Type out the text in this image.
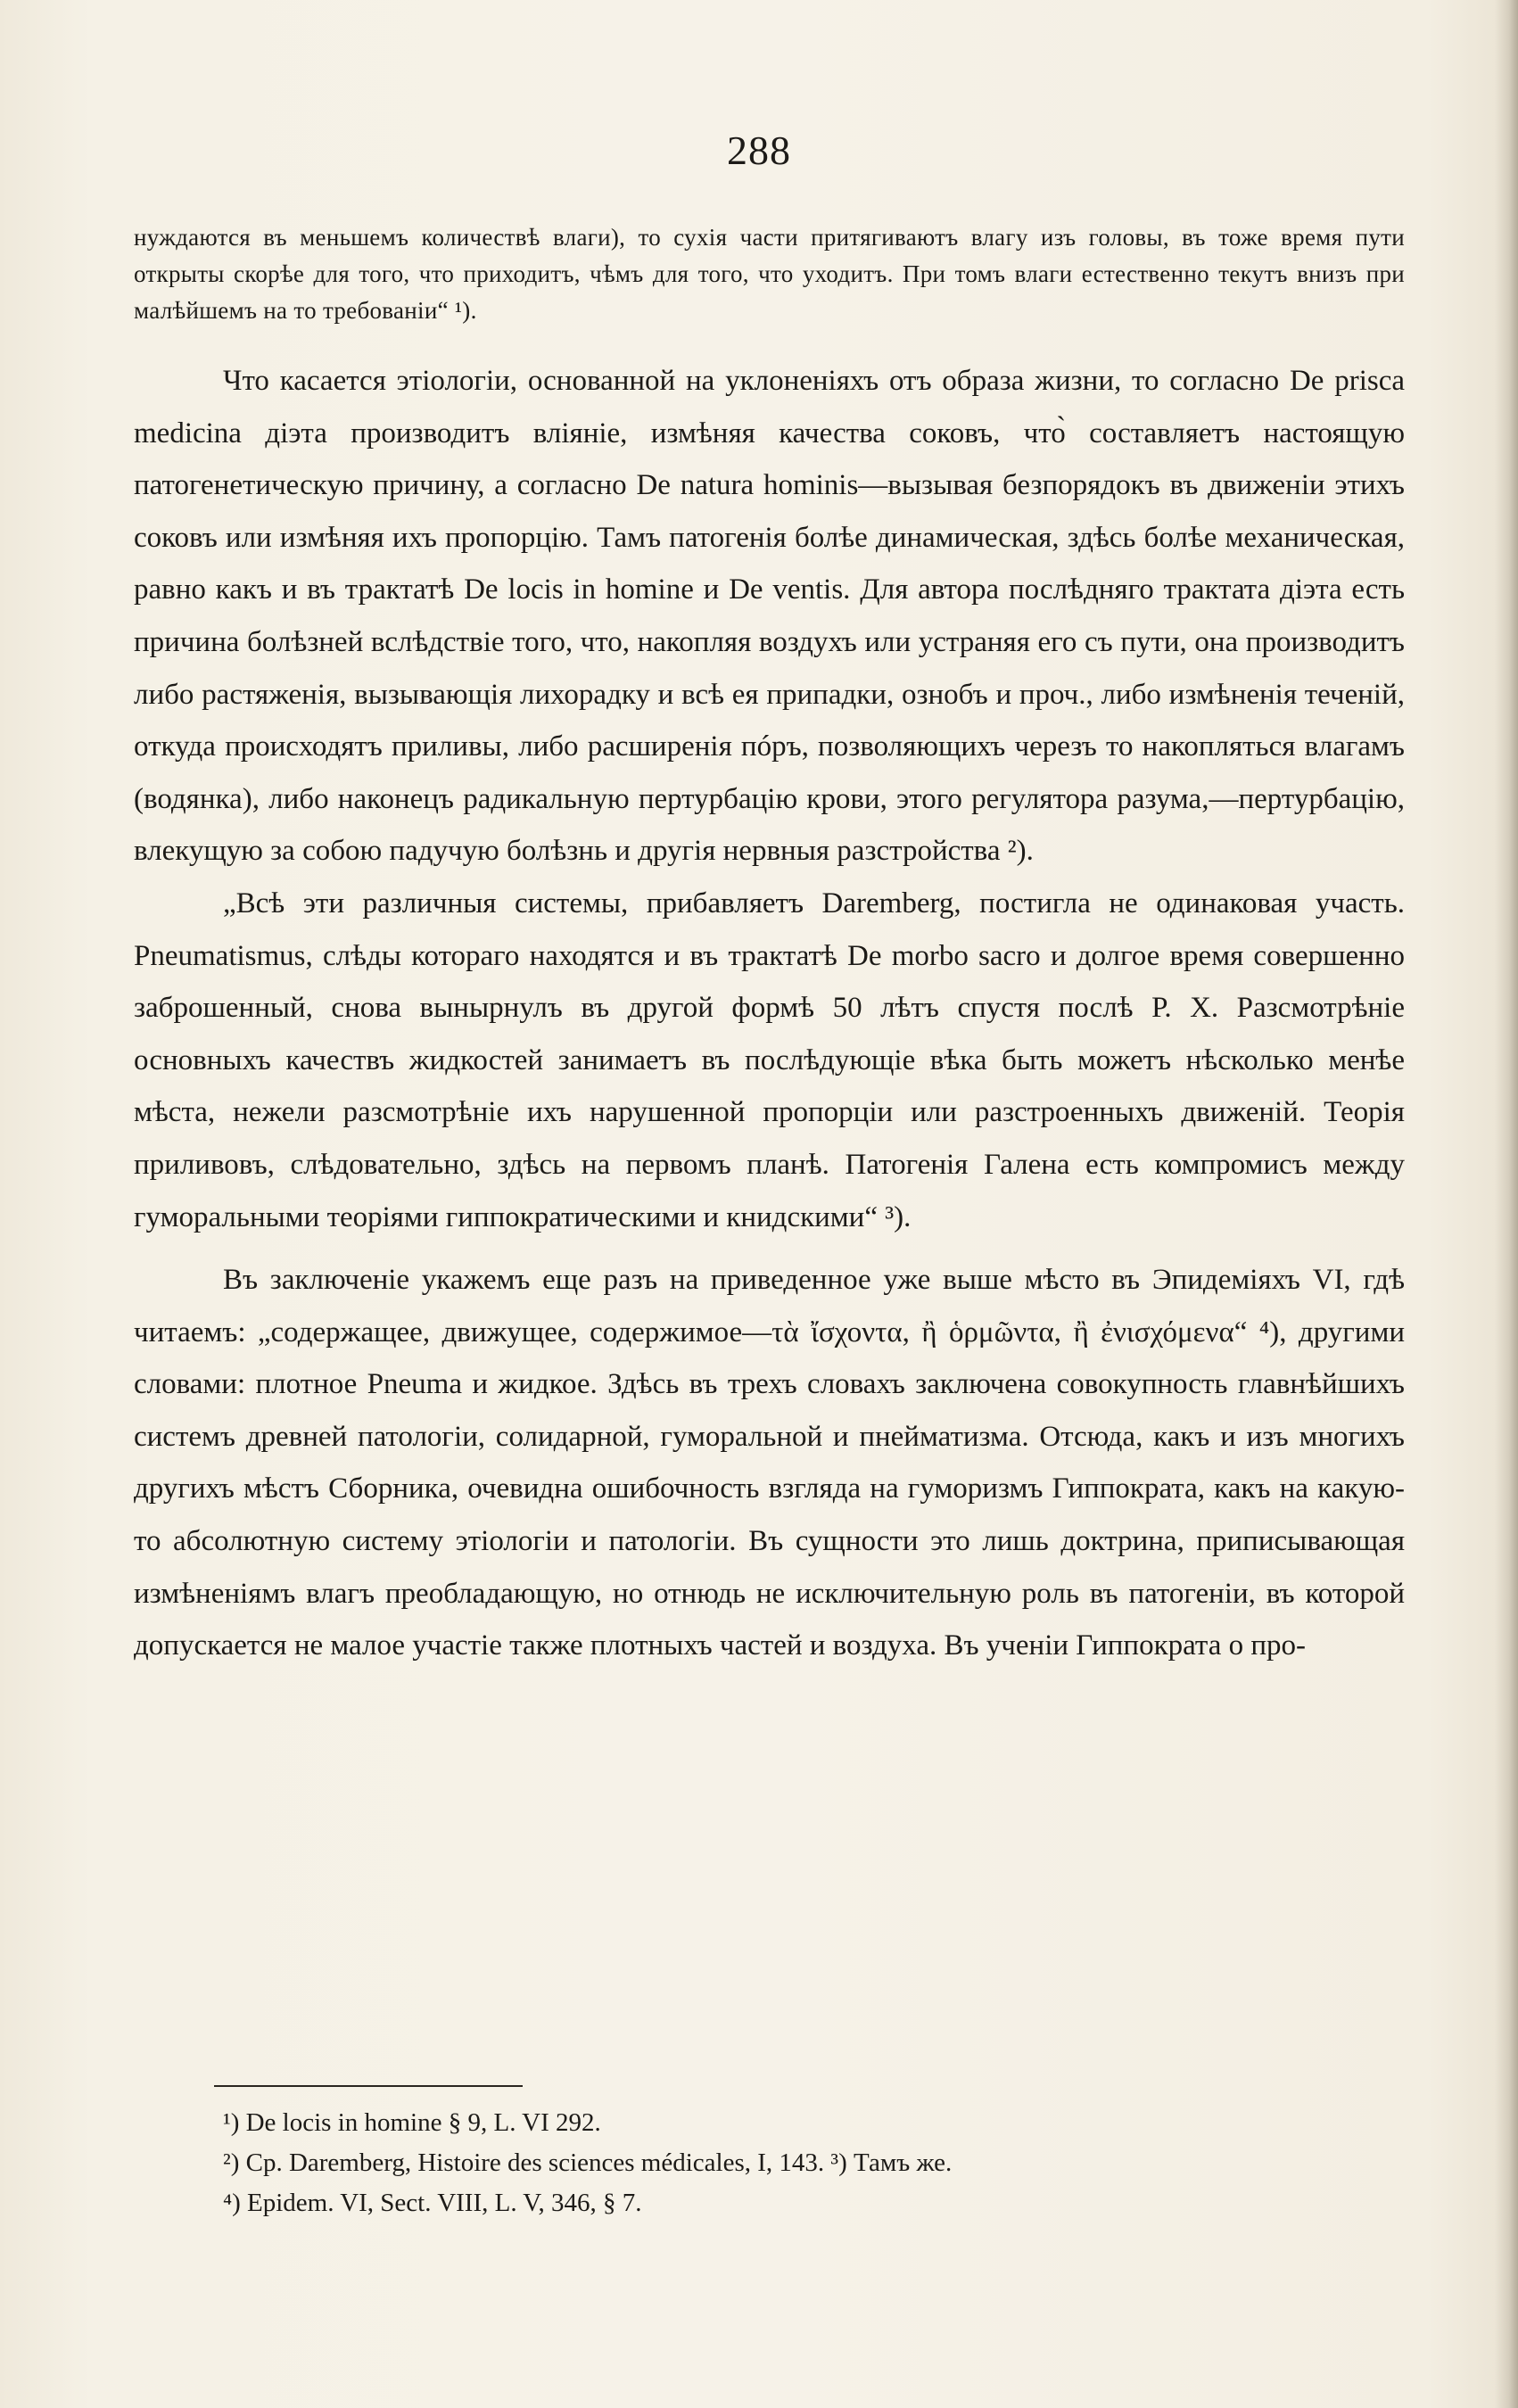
288

нуждаются въ меньшемъ количествѣ влаги), то сухія части притягиваютъ влагу изъ головы, въ тоже время пути открыты скорѣе для того, что приходитъ, чѣмъ для того, что уходитъ. При томъ влаги естественно текутъ внизъ при малѣйшемъ на то требованіи“ ¹).

Что касается этіологіи, основанной на уклоненіяхъ отъ образа жизни, то согласно De prisca medicina діэта производитъ вліяніе, измѣняя качества соковъ, что̀ составляетъ настоящую патогенетическую причину, а согласно De natura hominis—вызывая безпорядокъ въ движеніи этихъ соковъ или измѣняя ихъ пропорцію. Тамъ патогенія болѣе динамическая, здѣсь болѣе механическая, равно какъ и въ трактатѣ De locis in homine и De ventis. Для автора послѣдняго трактата діэта есть причина болѣзней вслѣдствіе того, что, накопляя воздухъ или устраняя его съ пути, она производитъ либо растяженія, вызывающія лихорадку и всѣ ея припадки, ознобъ и проч., либо измѣненія теченій, откуда происходятъ приливы, либо расширенія пóръ, позволяющихъ черезъ то накопляться влагамъ (водянка), либо наконецъ радикальную пертурбацію крови, этого регулятора разума,—пертурбацію, влекущую за собою падучую болѣзнь и другія нервныя разстройства ²).

„Всѣ эти различныя системы, прибавляетъ Daremberg, постигла не одинаковая участь. Pneumatismus, слѣды котораго находятся и въ трактатѣ De morbo sacro и долгое время совершенно заброшенный, снова вынырнулъ въ другой формѣ 50 лѣтъ спустя послѣ Р. Х. Разсмотрѣніе основныхъ качествъ жидкостей занимаетъ въ послѣдующіе вѣка быть можетъ нѣсколько менѣе мѣста, нежели разсмотрѣніе ихъ нарушенной пропорціи или разстроенныхъ движеній. Теорія приливовъ, слѣдовательно, здѣсь на первомъ планѣ. Патогенія Галена есть компромисъ между гуморальными теоріями гиппократическими и книдскими“ ³).

Въ заключеніе укажемъ еще разъ на приведенное уже выше мѣсто въ Эпидеміяхъ VI, гдѣ читаемъ: „содержащее, движущее, содержимое—τὰ ἴσχοντα, ἢ ὁρμῶντα, ἢ ἐνισχόμενα“ ⁴), другими словами: плотное Pneuma и жидкое. Здѣсь въ трехъ словахъ заключена совокупность главнѣйшихъ системъ древней патологіи, солидарной, гуморальной и пнейматизма. Отсюда, какъ и изъ многихъ другихъ мѣстъ Сборника, очевидна ошибочность взгляда на гуморизмъ Гиппократа, какъ на какую-то абсолютную систему этіологіи и патологіи. Въ сущности это лишь доктрина, приписывающая измѣненіямъ влагъ преобладающую, но отнюдь не исключительную роль въ патогеніи, въ которой допускается не малое участіе также плотныхъ частей и воздуха. Въ ученіи Гиппократа о про-

¹) De locis in homine § 9, L. VI 292.

²) Cp. Daremberg, Histoire des sciences médicales, I, 143. ³) Тамъ же.

⁴) Epidem. VI, Sect. VIII, L. V, 346, § 7.
